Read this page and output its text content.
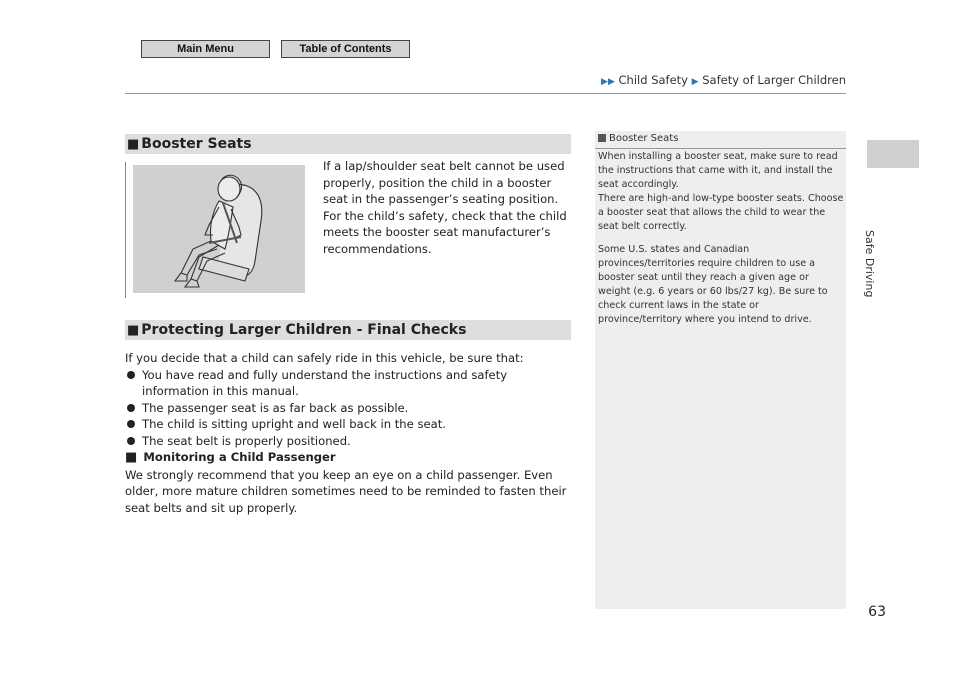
Main Menu	Table of Contents
▶▶ Child Safety ▶ Safety of Larger Children
Safe Driving
■ Booster Seats
If a lap/shoulder seat belt cannot be used properly, position the child in a booster seat in the passenger’s seating position. For the child’s safety, check that the child meets the booster seat manufacturer’s recommendations.
■ Protecting Larger Children - Final Checks

If you decide that a child can safely ride in this vehicle, be sure that:

You have read and fully understand the instructions and safety information in this manual.
The passenger seat is as far back as possible.
The child is sitting upright and well back in the seat.
The seat belt is properly positioned.

■ Monitoring a Child Passenger

We strongly recommend that you keep an eye on a child passenger. Even older, more mature children sometimes need to be reminded to fasten their seat belts and sit up properly.

Booster Seats

When installing a booster seat, make sure to read the instructions that came with it, and install the seat accordingly.

There are high-and low-type booster seats. Choose a booster seat that allows the child to wear the seat belt correctly.

Some U.S. states and Canadian provinces/territories require children to use a booster seat until they reach a given age or weight (e.g. 6 years or 60 lbs/27 kg). Be sure to check current laws in the state or province/territory where you intend to drive.

63
